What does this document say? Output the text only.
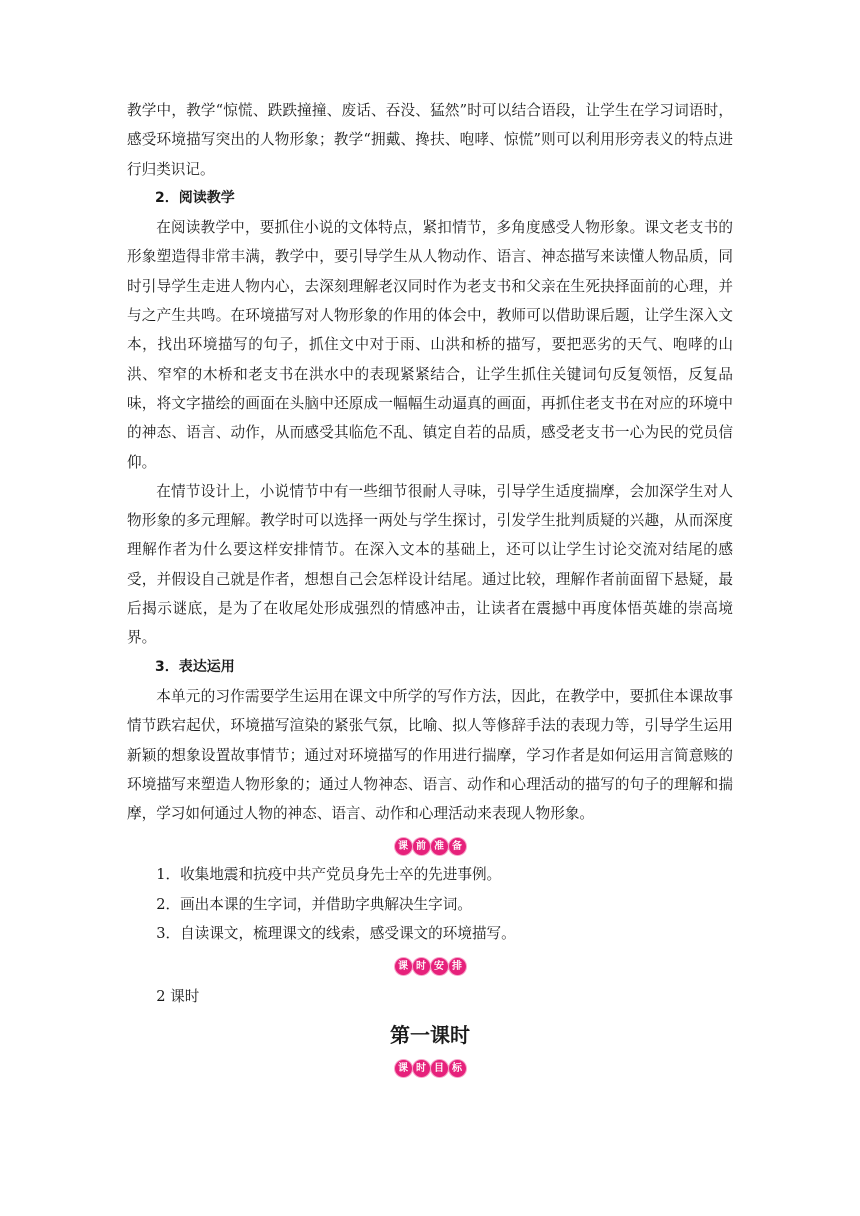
教学中，教学“惊慌、跌跌撞撞、废话、吞没、猛然”时可以结合语段，让学生在学习词语时，感受环境描写突出的人物形象；教学“拥戴、搀扶、咆哮、惊慌”则可以利用形旁表义的特点进行归类识记。

2．阅读教学

在阅读教学中，要抓住小说的文体特点，紧扣情节，多角度感受人物形象。课文老支书的形象塑造得非常丰满，教学中，要引导学生从人物动作、语言、神态描写来读懂人物品质，同时引导学生走进人物内心，去深刻理解老汉同时作为老支书和父亲在生死抉择面前的心理，并与之产生共鸣。在环境描写对人物形象的作用的体会中，教师可以借助课后题，让学生深入文本，找出环境描写的句子，抓住文中对于雨、山洪和桥的描写，要把恶劣的天气、咆哮的山洪、窄窄的木桥和老支书在洪水中的表现紧紧结合，让学生抓住关键词句反复领悟，反复品味，将文字描绘的画面在头脑中还原成一幅幅生动逼真的画面，再抓住老支书在对应的环境中的神态、语言、动作，从而感受其临危不乱、镇定自若的品质，感受老支书一心为民的党员信仰。

在情节设计上，小说情节中有一些细节很耐人寻味，引导学生适度揣摩，会加深学生对人物形象的多元理解。教学时可以选择一两处与学生探讨，引发学生批判质疑的兴趣，从而深度理解作者为什么要这样安排情节。在深入文本的基础上，还可以让学生讨论交流对结尾的感受，并假设自己就是作者，想想自己会怎样设计结尾。通过比较，理解作者前面留下悬疑，最后揭示谜底，是为了在收尾处形成强烈的情感冲击，让读者在震撼中再度体悟英雄的崇高境界。

3．表达运用

本单元的习作需要学生运用在课文中所学的写作方法，因此，在教学中，要抓住本课故事情节跌宕起伏，环境描写渲染的紧张气氛，比喻、拟人等修辞手法的表现力等，引导学生运用新颖的想象设置故事情节；通过对环境描写的作用进行揣摩，学习作者是如何运用言简意赅的环境描写来塑造人物形象的；通过人物神态、语言、动作和心理活动的描写的句子的理解和揣摩，学习如何通过人物的神态、语言、动作和心理活动来表现人物形象。

课 前 准 备

1．收集地震和抗疫中共产党员身先士卒的先进事例。

2．画出本课的生字词，并借助字典解决生字词。

3．自读课文，梳理课文的线索，感受课文的环境描写。

课 时 安 排

2 课时

第一课时
课 时 目 标
